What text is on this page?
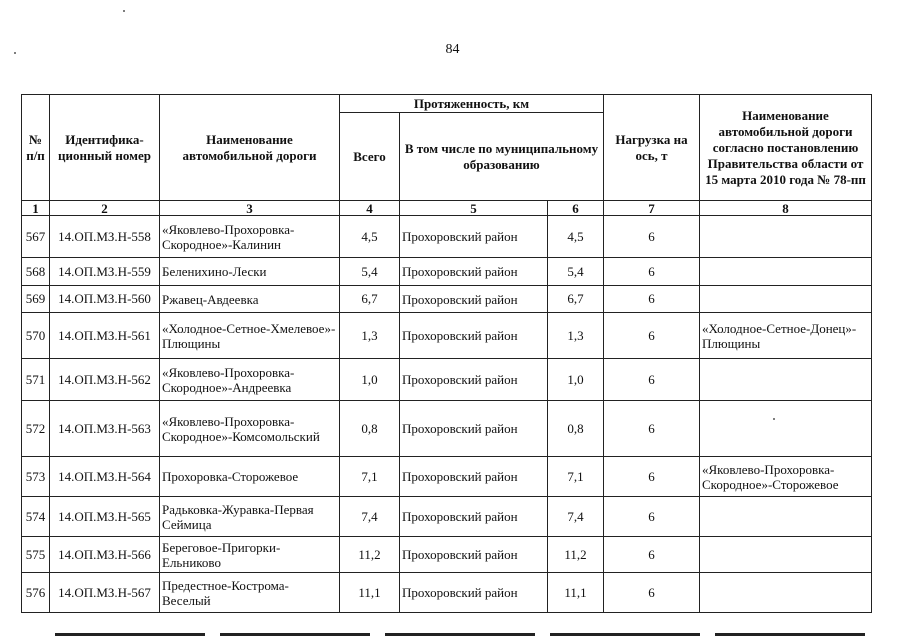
84
№ п/п	Идентифика-ционный номер	Наименование автомобильной дороги	Протяженность, км			Нагрузка на ось, т	Наименование автомобильной дороги согласно постановлению Правительства области от 15 марта 2010 года № 78-пп
			Всего	В том числе по муниципальному образованию			
1	2	3	4	5	6	7	8
567	14.ОП.МЗ.Н-558	«Яковлево-Прохоровка-Скородное»-Калинин	4,5	Прохоровский район	4,5	6	
568	14.ОП.МЗ.Н-559	Беленихино-Лески	5,4	Прохоровский район	5,4	6	
569	14.ОП.МЗ.Н-560	Ржавец-Авдеевка	6,7	Прохоровский район	6,7	6	
570	14.ОП.МЗ.Н-561	«Холодное-Сетное-Хмелевое»-Плющины	1,3	Прохоровский район	1,3	6	«Холодное-Сетное-Донец»-Плющины
571	14.ОП.МЗ.Н-562	«Яковлево-Прохоровка-Скородное»-Андреевка	1,0	Прохоровский район	1,0	6	
572	14.ОП.МЗ.Н-563	«Яковлево-Прохоровка-Скородное»-Комсомольский	0,8	Прохоровский район	0,8	6	
573	14.ОП.МЗ.Н-564	Прохоровка-Сторожевое	7,1	Прохоровский район	7,1	6	«Яковлево-Прохоровка-Скородное»-Сторожевое
574	14.ОП.МЗ.Н-565	Радьковка-Журавка-Первая Сеймица	7,4	Прохоровский район	7,4	6	
575	14.ОП.МЗ.Н-566	Береговое-Пригорки-Ельниково	11,2	Прохоровский район	11,2	6	
576	14.ОП.МЗ.Н-567	Предестное-Кострома-Веселый	11,1	Прохоровский район	11,1	6	
